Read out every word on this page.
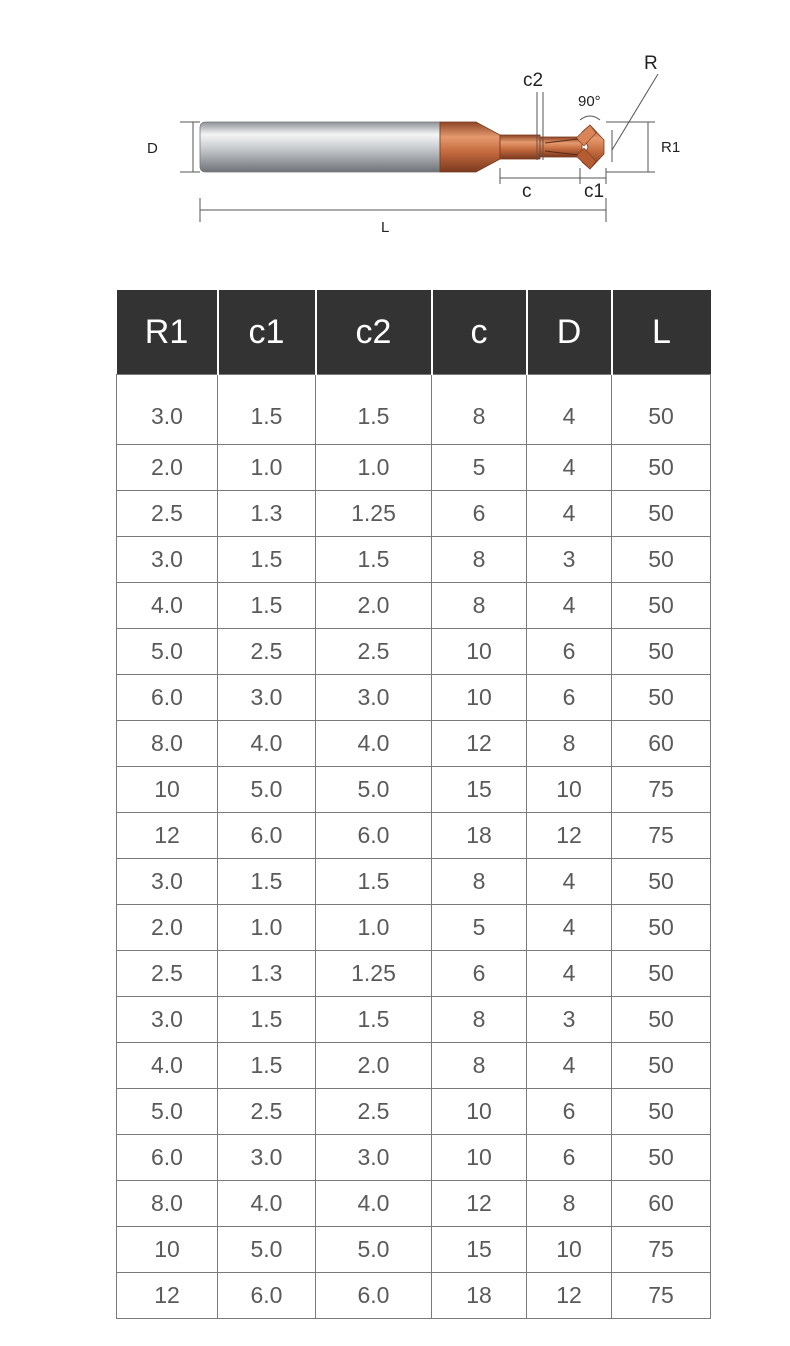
D
L
c	c1
c2
90°
R
R1
R1	c1	c2	c	D	L
3.0	1.5	1.5	8	4	50
2.0	1.0	1.0	5	4	50
2.5	1.3	1.25	6	4	50
3.0	1.5	1.5	8	3	50
4.0	1.5	2.0	8	4	50
5.0	2.5	2.5	10	6	50
6.0	3.0	3.0	10	6	50
8.0	4.0	4.0	12	8	60
10	5.0	5.0	15	10	75
12	6.0	6.0	18	12	75
3.0	1.5	1.5	8	4	50
2.0	1.0	1.0	5	4	50
2.5	1.3	1.25	6	4	50
3.0	1.5	1.5	8	3	50
4.0	1.5	2.0	8	4	50
5.0	2.5	2.5	10	6	50
6.0	3.0	3.0	10	6	50
8.0	4.0	4.0	12	8	60
10	5.0	5.0	15	10	75
12	6.0	6.0	18	12	75
